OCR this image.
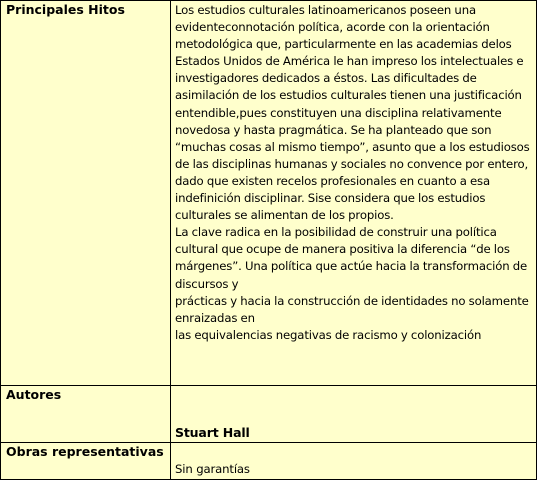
Principales Hitos	Los estudios culturales latinoamericanos poseen una evidenteconnotación política, acorde con la orientación metodológica que, particularmente en las academias delos Estados Unidos de América le han impreso los intelectuales e investigadores dedicados a éstos. Las dificultades de asimilación de los estudios culturales tienen una justificación entendible,pues constituyen una disciplina relativamente novedosa y hasta pragmática. Se ha planteado que son “muchas cosas al mismo tiempo”, asunto que a los estudiosos de las disciplinas humanas y sociales no convence por entero, dado que existen recelos profesionales en cuanto a esa indefinición disciplinar. Sise considera que los estudios culturales se alimentan de los propios.
La clave radica en la posibilidad de construir una política cultural que ocupe de manera positiva la diferencia “de los
márgenes”. Una política que actúe hacia la transformación de discursos y
prácticas y hacia la construcción de identidades no solamente enraizadas en
las equivalencias negativas de racismo y colonización
Autores
Stuart Hall
Obras representativas
Sin garantías
